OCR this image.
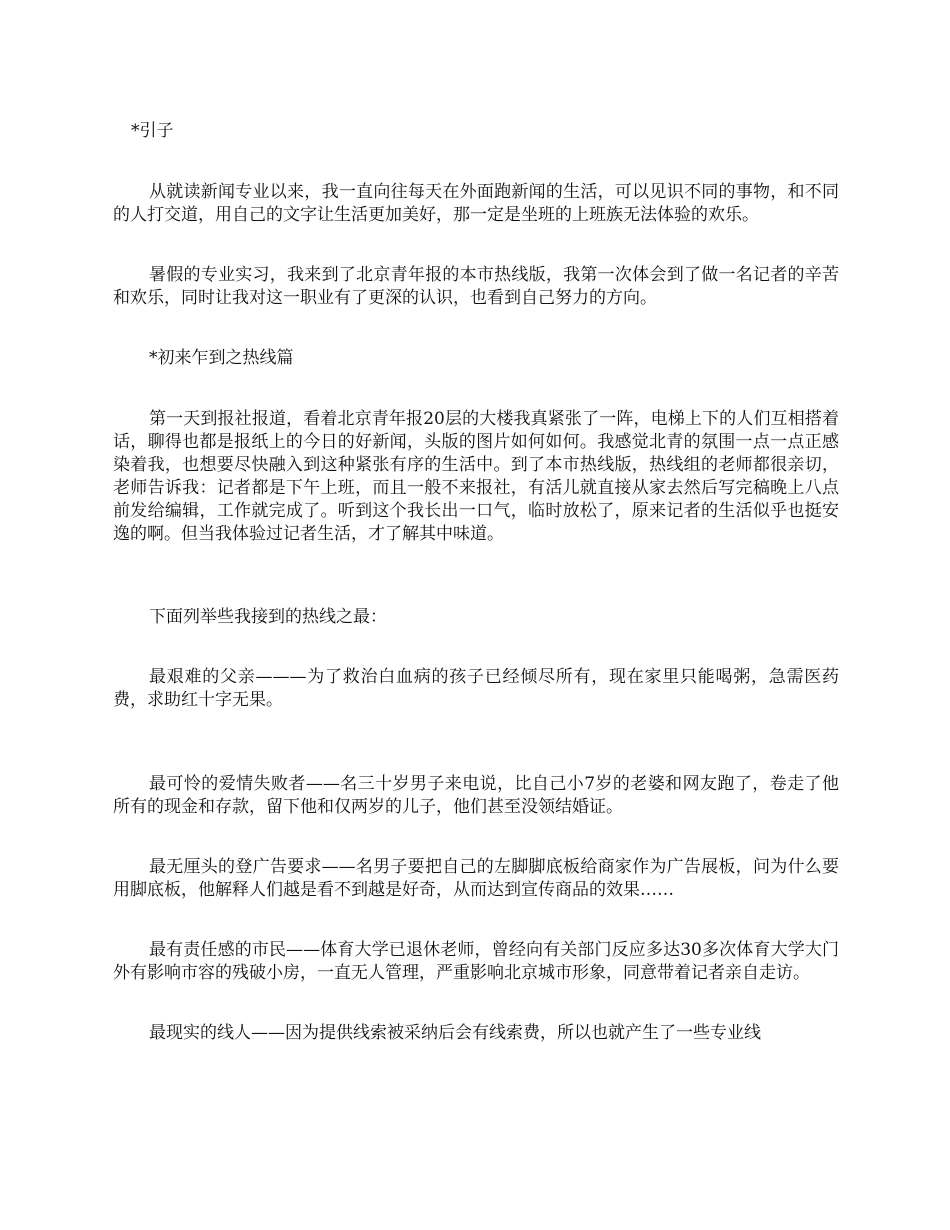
*引子

从就读新闻专业以来，我一直向往每天在外面跑新闻的生活，可以见识不同的事物，和不同的人打交道，用自己的文字让生活更加美好，那一定是坐班的上班族无法体验的欢乐。

暑假的专业实习，我来到了北京青年报的本市热线版，我第一次体会到了做一名记者的辛苦和欢乐，同时让我对这一职业有了更深的认识，也看到自己努力的方向。

*初来乍到之热线篇

第一天到报社报道，看着北京青年报20层的大楼我真紧张了一阵，电梯上下的人们互相搭着话，聊得也都是报纸上的今日的好新闻，头版的图片如何如何。我感觉北青的氛围一点一点正感染着我，也想要尽快融入到这种紧张有序的生活中。到了本市热线版，热线组的老师都很亲切，老师告诉我：记者都是下午上班，而且一般不来报社，有活儿就直接从家去然后写完稿晚上八点前发给编辑，工作就完成了。听到这个我长出一口气，临时放松了，原来记者的生活似乎也挺安逸的啊。但当我体验过记者生活，才了解其中味道。

下面列举些我接到的热线之最：

最艰难的父亲———为了救治白血病的孩子已经倾尽所有，现在家里只能喝粥，急需医药费，求助红十字无果。

最可怜的爱情失败者——名三十岁男子来电说，比自己小7岁的老婆和网友跑了，卷走了他所有的现金和存款，留下他和仅两岁的儿子，他们甚至没领结婚证。

最无厘头的登广告要求——名男子要把自己的左脚脚底板给商家作为广告展板，问为什么要用脚底板，他解释人们越是看不到越是好奇，从而达到宣传商品的效果……

最有责任感的市民——体育大学已退休老师，曾经向有关部门反应多达30多次体育大学大门外有影响市容的残破小房，一直无人管理，严重影响北京城市形象，同意带着记者亲自走访。

最现实的线人——因为提供线索被采纳后会有线索费，所以也就产生了一些专业线
